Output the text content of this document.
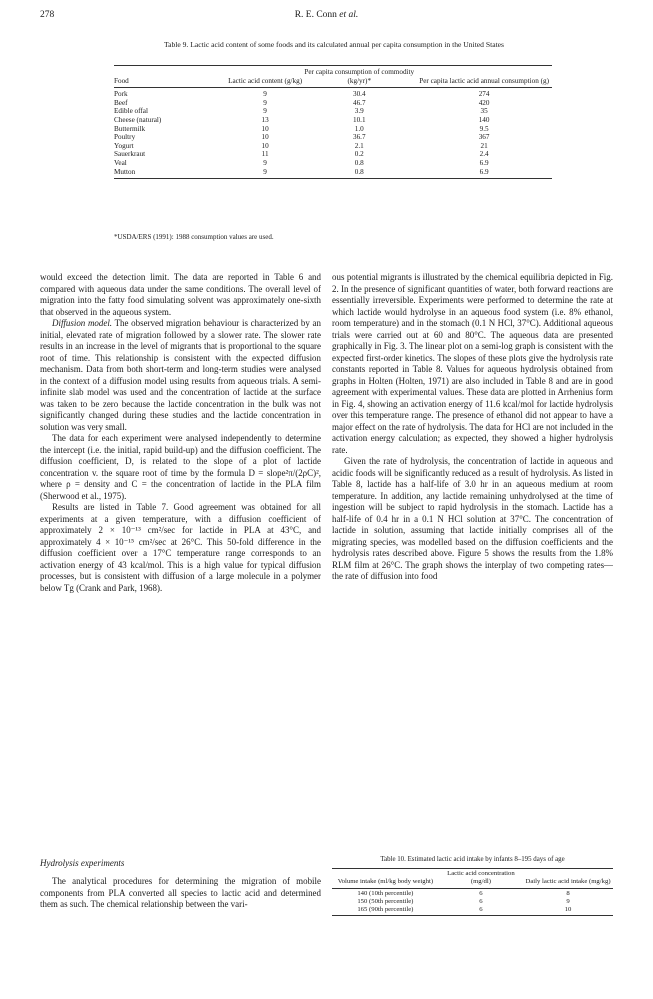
278	R. E. Conn et al.
Table 9. Lactic acid content of some foods and its calculated annual per capita consumption in the United States
Food	Lactic acid content (g/kg)	Per capita consumption of commodity (kg/yr)*	Per capita lactic acid annual consumption (g)

Pork	9	30.4	274
Beef	9	46.7	420
Edible offal	9	3.9	35
Cheese (natural)	13	10.1	140
Buttermilk	10	1.0	9.5
Poultry	10	36.7	367
Yogurt	10	2.1	21
Sauerkraut	11	0.2	2.4
Veal	9	0.8	6.9
Mutton	9	0.8	6.9
*USDA/ERS (1991): 1988 consumption values are used.

would exceed the detection limit. The data are reported in Table 6 and compared with aqueous data under the same conditions. The overall level of migration into the fatty food simulating solvent was approximately one-sixth that observed in the aqueous system.

Diffusion model. The observed migration behaviour is characterized by an initial, elevated rate of migration followed by a slower rate. The slower rate results in an increase in the level of migrants that is proportional to the square root of time. This relationship is consistent with the expected diffusion mechanism. Data from both short-term and long-term studies were analysed in the context of a diffusion model using results from aqueous trials. A semi-infinite slab model was used and the concentration of lactide at the surface was taken to be zero because the lactide concentration in the bulk was not significantly changed during these studies and the lactide concentration in solution was very small.

The data for each experiment were analysed independently to determine the intercept (i.e. the initial, rapid build-up) and the diffusion coefficient. The diffusion coefficient, D, is related to the slope of a plot of lactide concentration v. the square root of time by the formula D = slope²π/(2ρC)², where ρ = density and C = the concentration of lactide in the PLA film (Sherwood et al., 1975).

Results are listed in Table 7. Good agreement was obtained for all experiments at a given temperature, with a diffusion coefficient of approximately 2 × 10⁻¹³ cm²/sec for lactide in PLA at 43°C, and approximately 4 × 10⁻¹⁵ cm²/sec at 26°C. This 50-fold difference in the diffusion coefficient over a 17°C temperature range corresponds to an activation energy of 43 kcal/mol. This is a high value for typical diffusion processes, but is consistent with diffusion of a large molecule in a polymer below Tg (Crank and Park, 1968).

Hydrolysis experiments

The analytical procedures for determining the migration of mobile components from PLA converted all species to lactic acid and determined them as such. The chemical relationship between the vari-

ous potential migrants is illustrated by the chemical equilibria depicted in Fig. 2. In the presence of significant quantities of water, both forward reactions are essentially irreversible. Experiments were performed to determine the rate at which lactide would hydrolyse in an aqueous food system (i.e. 8% ethanol, room temperature) and in the stomach (0.1 N HCl, 37°C). Additional aqueous trials were carried out at 60 and 80°C. The aqueous data are presented graphically in Fig. 3. The linear plot on a semi-log graph is consistent with the expected first-order kinetics. The slopes of these plots give the hydrolysis rate constants reported in Table 8. Values for aqueous hydrolysis obtained from graphs in Holten (Holten, 1971) are also included in Table 8 and are in good agreement with experimental values. These data are plotted in Arrhenius form in Fig. 4, showing an activation energy of 11.6 kcal/mol for lactide hydrolysis over this temperature range. The presence of ethanol did not appear to have a major effect on the rate of hydrolysis. The data for HCl are not included in the activation energy calculation; as expected, they showed a higher hydrolysis rate.

Given the rate of hydrolysis, the concentration of lactide in aqueous and acidic foods will be significantly reduced as a result of hydrolysis. As listed in Table 8, lactide has a half-life of 3.0 hr in an aqueous medium at room temperature. In addition, any lactide remaining unhydrolysed at the time of ingestion will be subject to rapid hydrolysis in the stomach. Lactide has a half-life of 0.4 hr in a 0.1 N HCl solution at 37°C. The concentration of lactide in solution, assuming that lactide initially comprises all of the migrating species, was modelled based on the diffusion coefficients and the hydrolysis rates described above. Figure 5 shows the results from the 1.8% RLM film at 26°C. The graph shows the interplay of two competing rates—the rate of diffusion into food

Table 10. Estimated lactic acid intake by infants 8–195 days of age
Volume intake (ml/kg body weight)	Lactic acid concentration (mg/dl)	Daily lactic acid intake (mg/kg)

140 (10th percentile)	6	8
150 (50th percentile)	6	9
165 (90th percentile)	6	10
